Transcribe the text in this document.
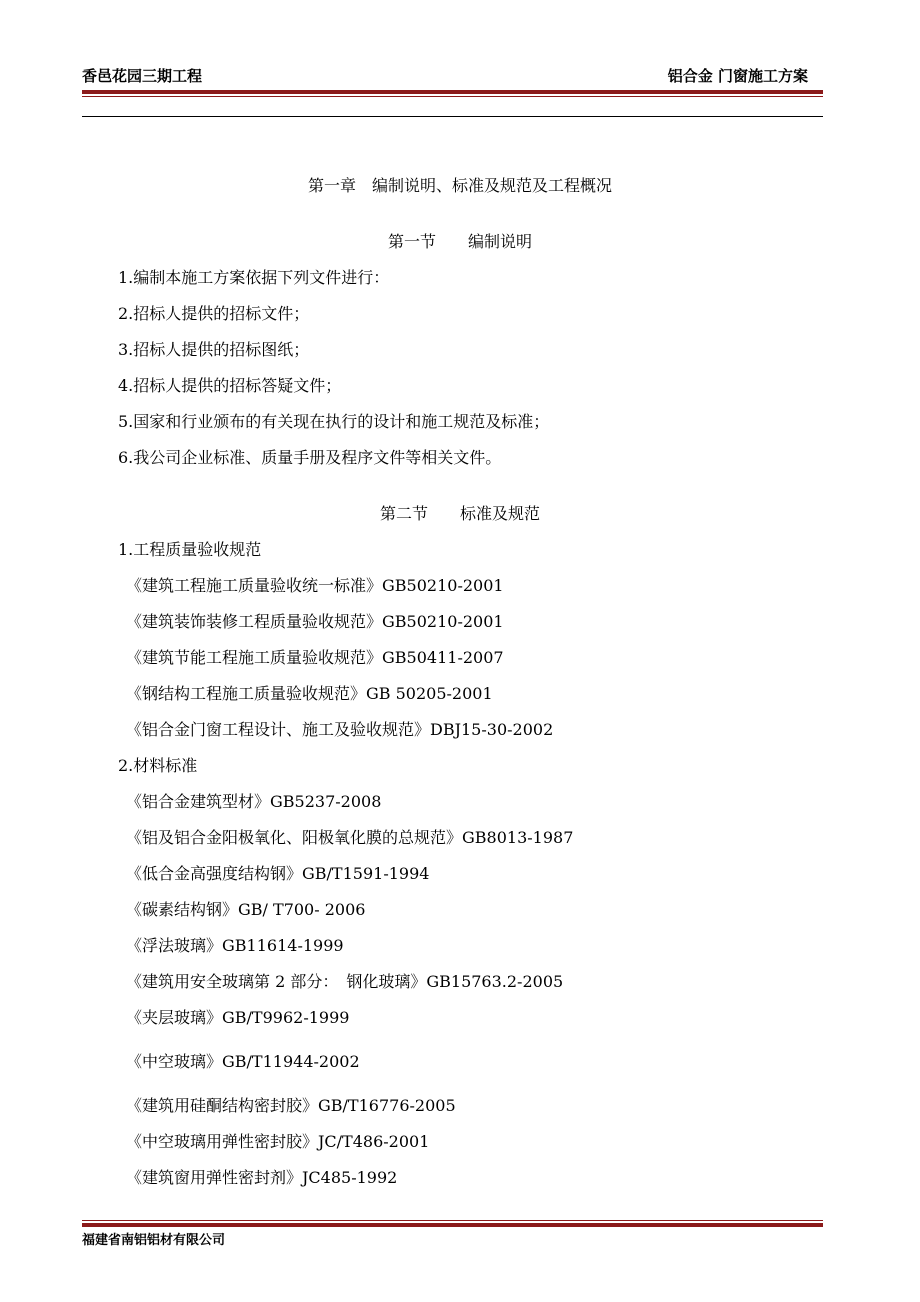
香邑花园三期工程	铝合金 门窗施工方案
第一章　编制说明、标准及规范及工程概况
第一节　　编制说明
1.编制本施工方案依据下列文件进行：
2.招标人提供的招标文件；
3.招标人提供的招标图纸；
4.招标人提供的招标答疑文件；
5.国家和行业颁布的有关现在执行的设计和施工规范及标准；
6.我公司企业标准、质量手册及程序文件等相关文件。
第二节　　标准及规范
1.工程质量验收规范
《建筑工程施工质量验收统一标准》GB50210-2001
《建筑装饰装修工程质量验收规范》GB50210-2001
《建筑节能工程施工质量验收规范》GB50411-2007
《钢结构工程施工质量验收规范》GB 50205-2001
《铝合金门窗工程设计、施工及验收规范》DBJ15-30-2002
2.材料标准
《铝合金建筑型材》GB5237-2008
《铝及铝合金阳极氧化、阳极氧化膜的总规范》GB8013-1987
《低合金高强度结构钢》GB/T1591-1994
《碳素结构钢》GB/ T700- 2006
《浮法玻璃》GB11614-1999
《建筑用安全玻璃第 2 部分：　钢化玻璃》GB15763.2-2005
《夹层玻璃》GB/T9962-1999
《中空玻璃》GB/T11944-2002
《建筑用硅酮结构密封胶》GB/T16776-2005
《中空玻璃用弹性密封胶》JC/T486-2001
《建筑窗用弹性密封剂》JC485-1992
福建省南铝铝材有限公司
